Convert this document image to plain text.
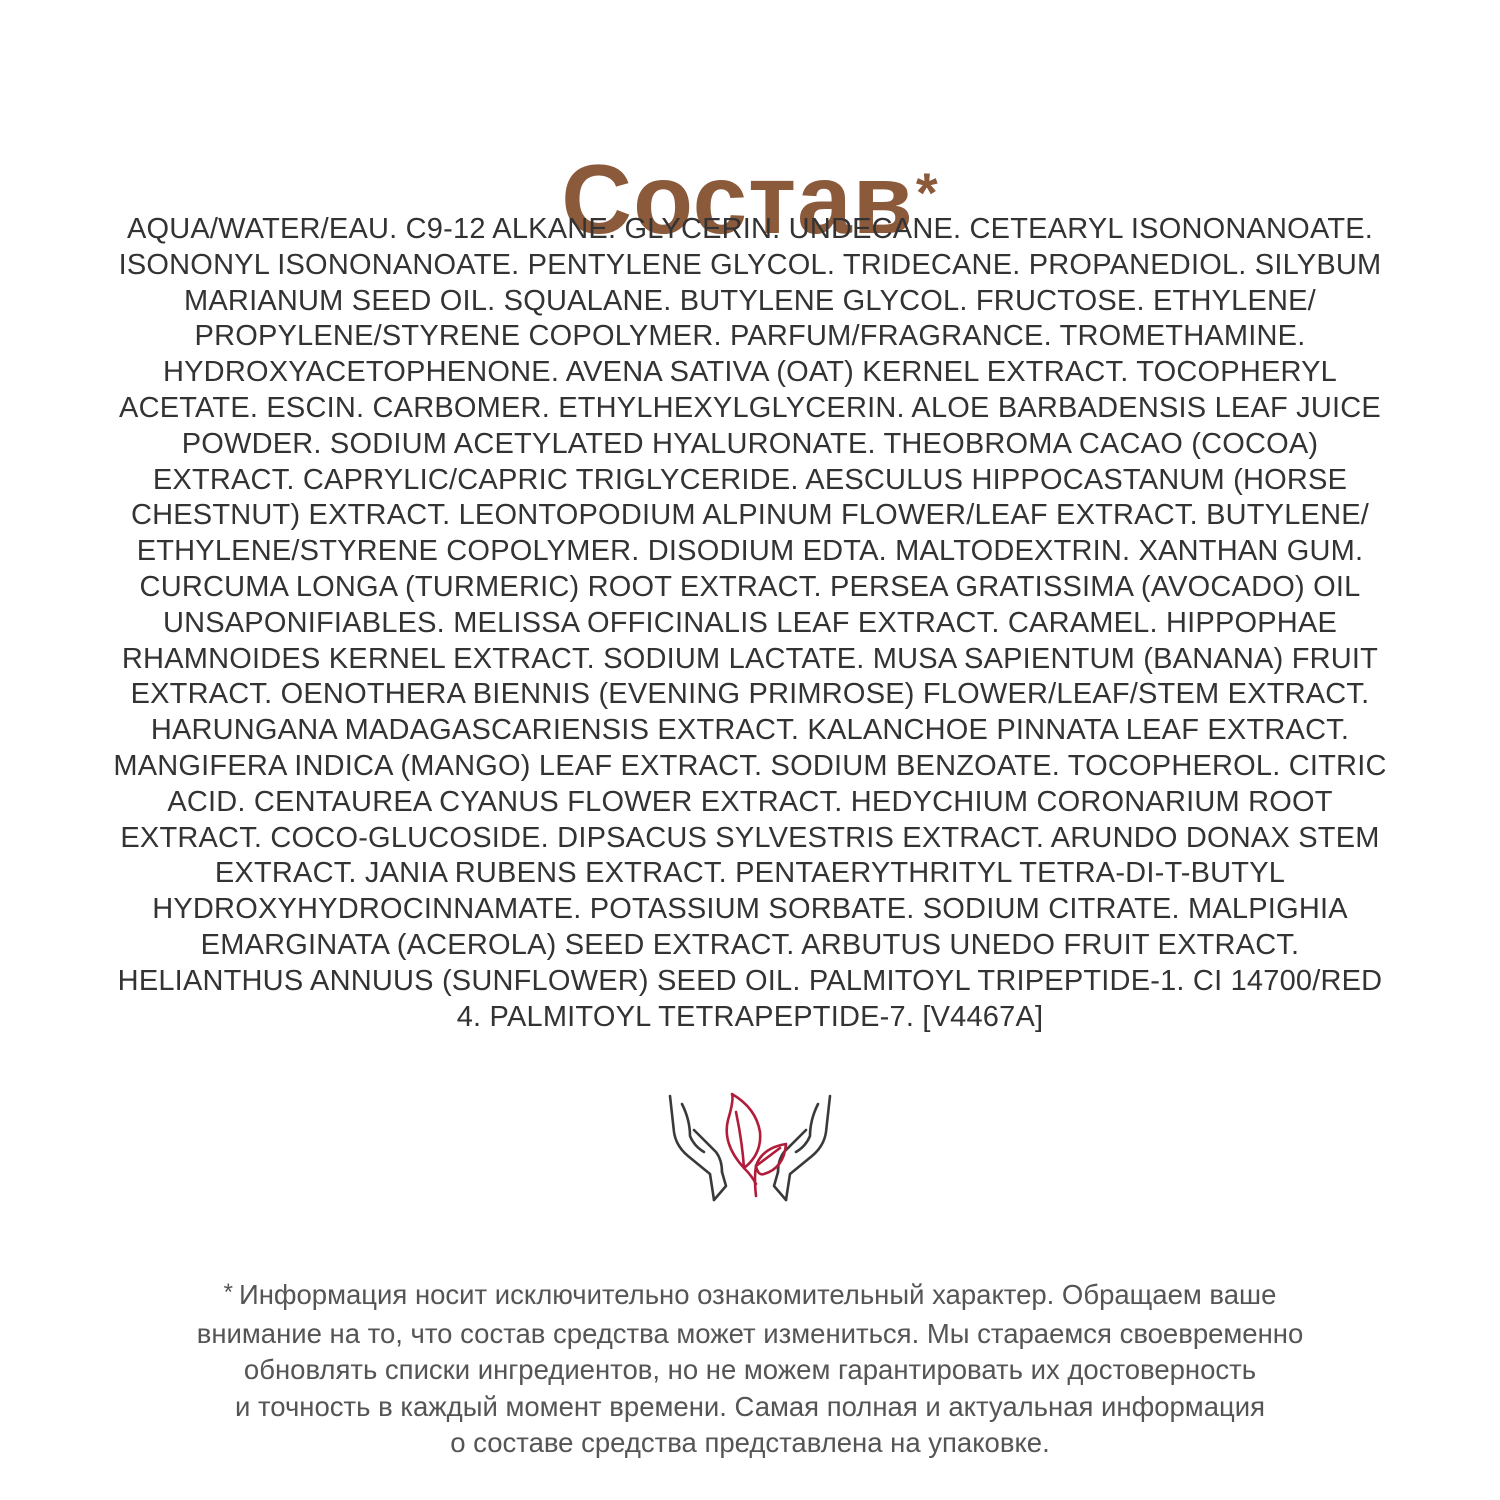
Состав*

AQUA/WATER/EAU. C9-12 ALKANE. GLYCERIN. UNDECANE. CETEARYL ISONONANOATE.
ISONONYL ISONONANOATE. PENTYLENE GLYCOL. TRIDECANE. PROPANEDIOL. SILYBUM
MARIANUM SEED OIL. SQUALANE. BUTYLENE GLYCOL. FRUCTOSE. ETHYLENE/
PROPYLENE/STYRENE COPOLYMER. PARFUM/FRAGRANCE. TROMETHAMINE.
HYDROXYACETOPHENONE. AVENA SATIVA (OAT) KERNEL EXTRACT. TOCOPHERYL
ACETATE. ESCIN. CARBOMER. ETHYLHEXYLGLYCERIN. ALOE BARBADENSIS LEAF JUICE
POWDER. SODIUM ACETYLATED HYALURONATE. THEOBROMA CACAO (COCOA)
EXTRACT. CAPRYLIC/CAPRIC TRIGLYCERIDE. AESCULUS HIPPOCASTANUM (HORSE
CHESTNUT) EXTRACT. LEONTOPODIUM ALPINUM FLOWER/LEAF EXTRACT. BUTYLENE/
ETHYLENE/STYRENE COPOLYMER. DISODIUM EDTA. MALTODEXTRIN. XANTHAN GUM.
CURCUMA LONGA (TURMERIC) ROOT EXTRACT. PERSEA GRATISSIMA (AVOCADO) OIL
UNSAPONIFIABLES. MELISSA OFFICINALIS LEAF EXTRACT. CARAMEL. HIPPOPHAE
RHAMNOIDES KERNEL EXTRACT. SODIUM LACTATE. MUSA SAPIENTUM (BANANA) FRUIT
EXTRACT. OENOTHERA BIENNIS (EVENING PRIMROSE) FLOWER/LEAF/STEM EXTRACT.
HARUNGANA MADAGASCARIENSIS EXTRACT. KALANCHOE PINNATA LEAF EXTRACT.
MANGIFERA INDICA (MANGO) LEAF EXTRACT. SODIUM BENZOATE. TOCOPHEROL. CITRIC
ACID. CENTAUREA CYANUS FLOWER EXTRACT. HEDYCHIUM CORONARIUM ROOT
EXTRACT. COCO-GLUCOSIDE. DIPSACUS SYLVESTRIS EXTRACT. ARUNDO DONAX STEM
EXTRACT. JANIA RUBENS EXTRACT. PENTAERYTHRITYL TETRA-DI-T-BUTYL
HYDROXYHYDROCINNAMATE. POTASSIUM SORBATE. SODIUM CITRATE. MALPIGHIA
EMARGINATA (ACEROLA) SEED EXTRACT. ARBUTUS UNEDO FRUIT EXTRACT.
HELIANTHUS ANNUUS (SUNFLOWER) SEED OIL. PALMITOYL TRIPEPTIDE-1. CI 14700/RED
4. PALMITOYL TETRAPEPTIDE-7. [V4467A]

* Информация носит исключительно ознакомительный характер. Обращаем ваше
внимание на то, что состав средства может измениться. Мы стараемся своевременно
обновлять списки ингредиентов, но не можем гарантировать их достоверность
и точность в каждый момент времени. Самая полная и актуальная информация
о составе средства представлена на упаковке.
